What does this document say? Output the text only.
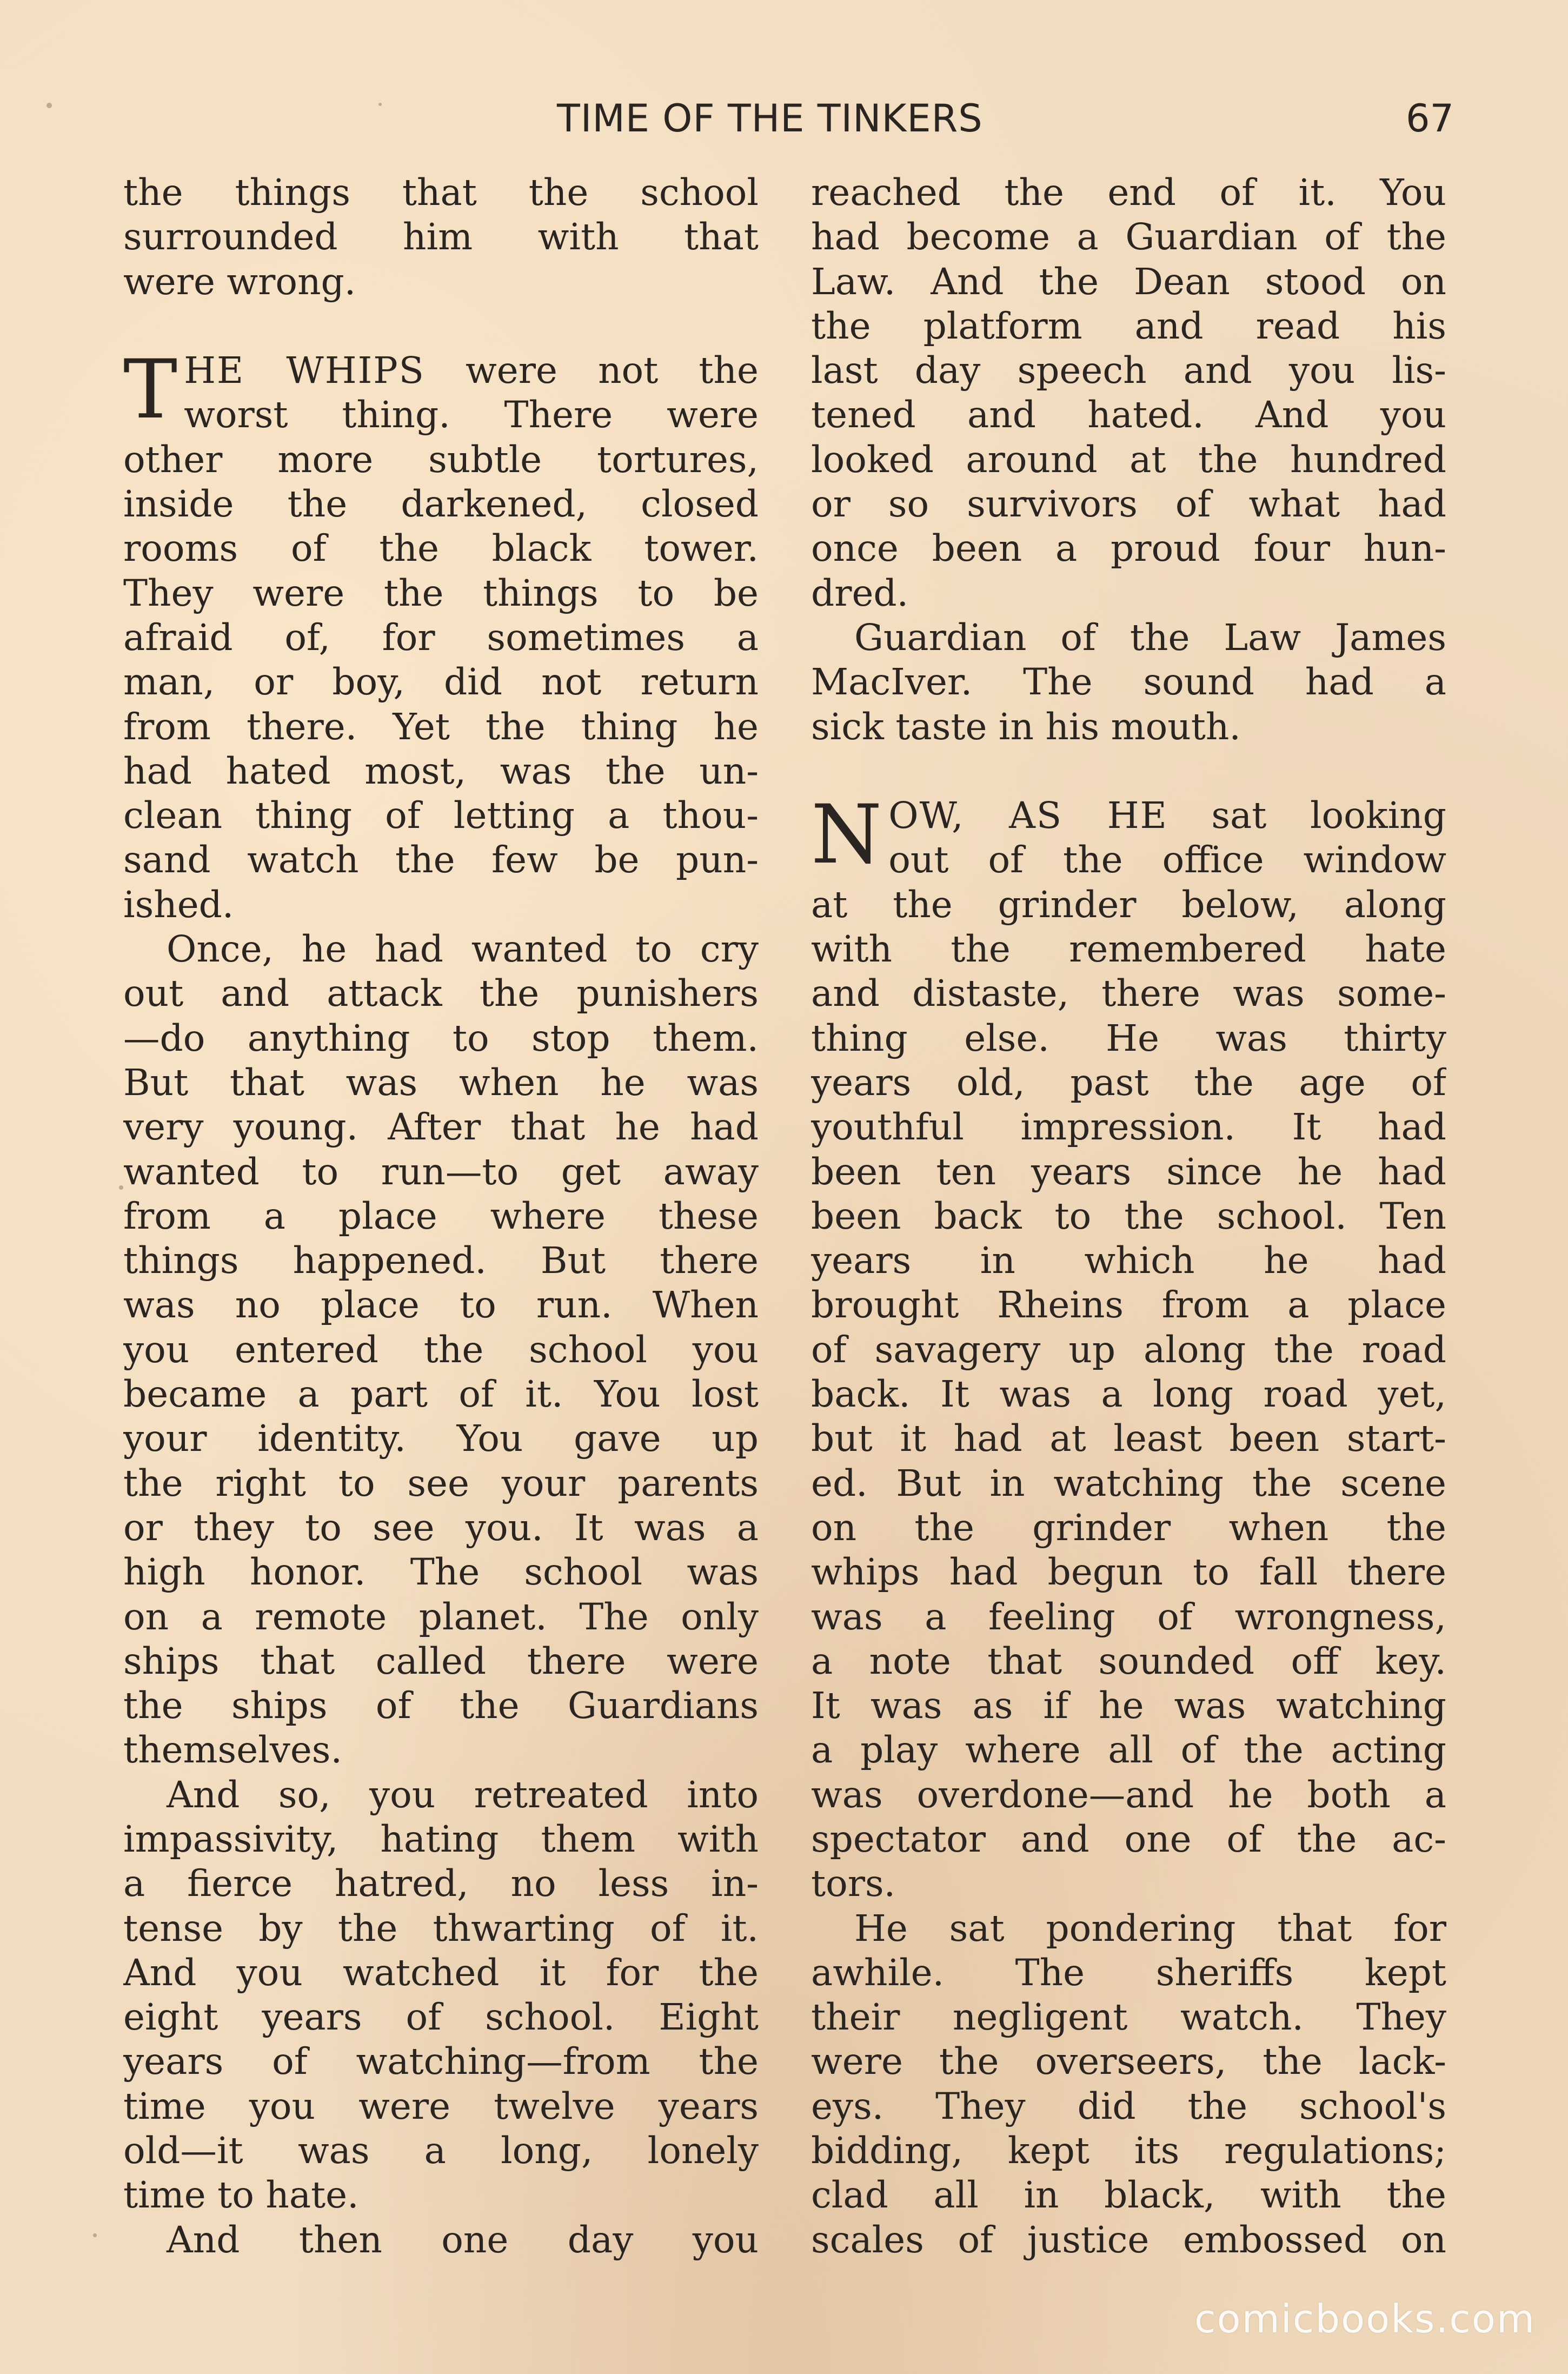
TIME OF THE TINKERS	67
the things that the school
surrounded him with that
were wrong.
T HE WHIPS were not the
worst thing. There were
other more subtle tortures,
inside the darkened, closed
rooms of the black tower.
They were the things to be
afraid of, for sometimes a
man, or boy, did not return
from there. Yet the thing he
had hated most, was the un-
clean thing of letting a thou-
sand watch the few be pun-
ished.
Once, he had wanted to cry
out and attack the punishers
—do anything to stop them.
But that was when he was
very young. After that he had
wanted to run—to get away
from a place where these
things happened. But there
was no place to run. When
you entered the school you
became a part of it. You lost
your identity. You gave up
the right to see your parents
or they to see you. It was a
high honor. The school was
on a remote planet. The only
ships that called there were
the ships of the Guardians
themselves.
And so, you retreated into
impassivity, hating them with
a fierce hatred, no less in-
tense by the thwarting of it.
And you watched it for the
eight years of school. Eight
years of watching—from the
time you were twelve years
old—it was a long, lonely
time to hate.
And then one day you
reached the end of it. You
had become a Guardian of the
Law. And the Dean stood on
the platform and read his
last day speech and you lis-
tened and hated. And you
looked around at the hundred
or so survivors of what had
once been a proud four hun-
dred.
Guardian of the Law James
MacIver. The sound had a
sick taste in his mouth.
N OW, AS HE sat looking
out of the office window
at the grinder below, along
with the remembered hate
and distaste, there was some-
thing else. He was thirty
years old, past the age of
youthful impression. It had
been ten years since he had
been back to the school. Ten
years in which he had
brought Rheins from a place
of savagery up along the road
back. It was a long road yet,
but it had at least been start-
ed. But in watching the scene
on the grinder when the
whips had begun to fall there
was a feeling of wrongness,
a note that sounded off key.
It was as if he was watching
a play where all of the acting
was overdone—and he both a
spectator and one of the ac-
tors.
He sat pondering that for
awhile. The sheriffs kept
their negligent watch. They
were the overseers, the lack-
eys. They did the school's
bidding, kept its regulations;
clad all in black, with the
scales of justice embossed on
comicbooks.com
